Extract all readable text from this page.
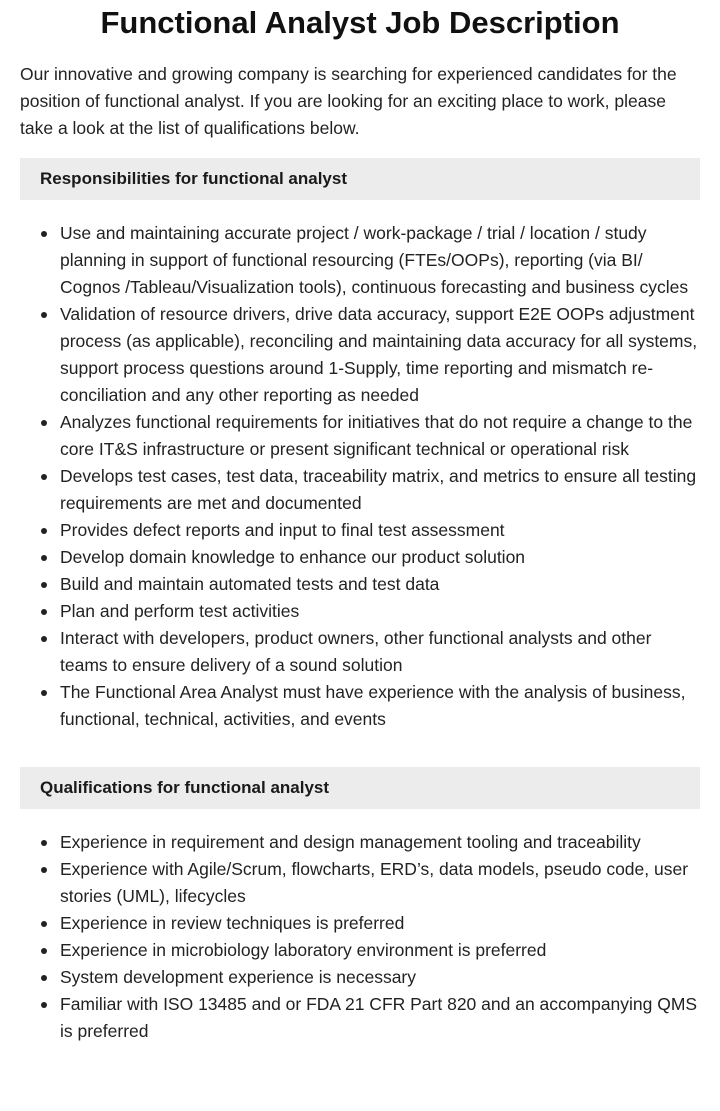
Functional Analyst Job Description

Our innovative and growing company is searching for experienced candidates for the position of functional analyst. If you are looking for an exciting place to work, please take a look at the list of qualifications below.

Responsibilities for functional analyst
Use and maintaining accurate project / work-package / trial / location / study planning in support of functional resourcing (FTEs/OOPs), reporting (via BI/ Cognos /Tableau/Visualization tools), continuous forecasting and business cycles
Validation of resource drivers, drive data accuracy, support E2E OOPs adjustment process (as applicable), reconciling and maintaining data accuracy for all systems, support process questions around 1-Supply, time reporting and mismatch re-conciliation and any other reporting as needed
Analyzes functional requirements for initiatives that do not require a change to the core IT&S infrastructure or present significant technical or operational risk
Develops test cases, test data, traceability matrix, and metrics to ensure all testing requirements are met and documented
Provides defect reports and input to final test assessment
Develop domain knowledge to enhance our product solution
Build and maintain automated tests and test data
Plan and perform test activities
Interact with developers, product owners, other functional analysts and other teams to ensure delivery of a sound solution
The Functional Area Analyst must have experience with the analysis of business, functional, technical, activities, and events
Qualifications for functional analyst
Experience in requirement and design management tooling and traceability
Experience with Agile/Scrum, flowcharts, ERD’s, data models, pseudo code, user stories (UML), lifecycles
Experience in review techniques is preferred
Experience in microbiology laboratory environment is preferred
System development experience is necessary
Familiar with ISO 13485 and or FDA 21 CFR Part 820 and an accompanying QMS is preferred
